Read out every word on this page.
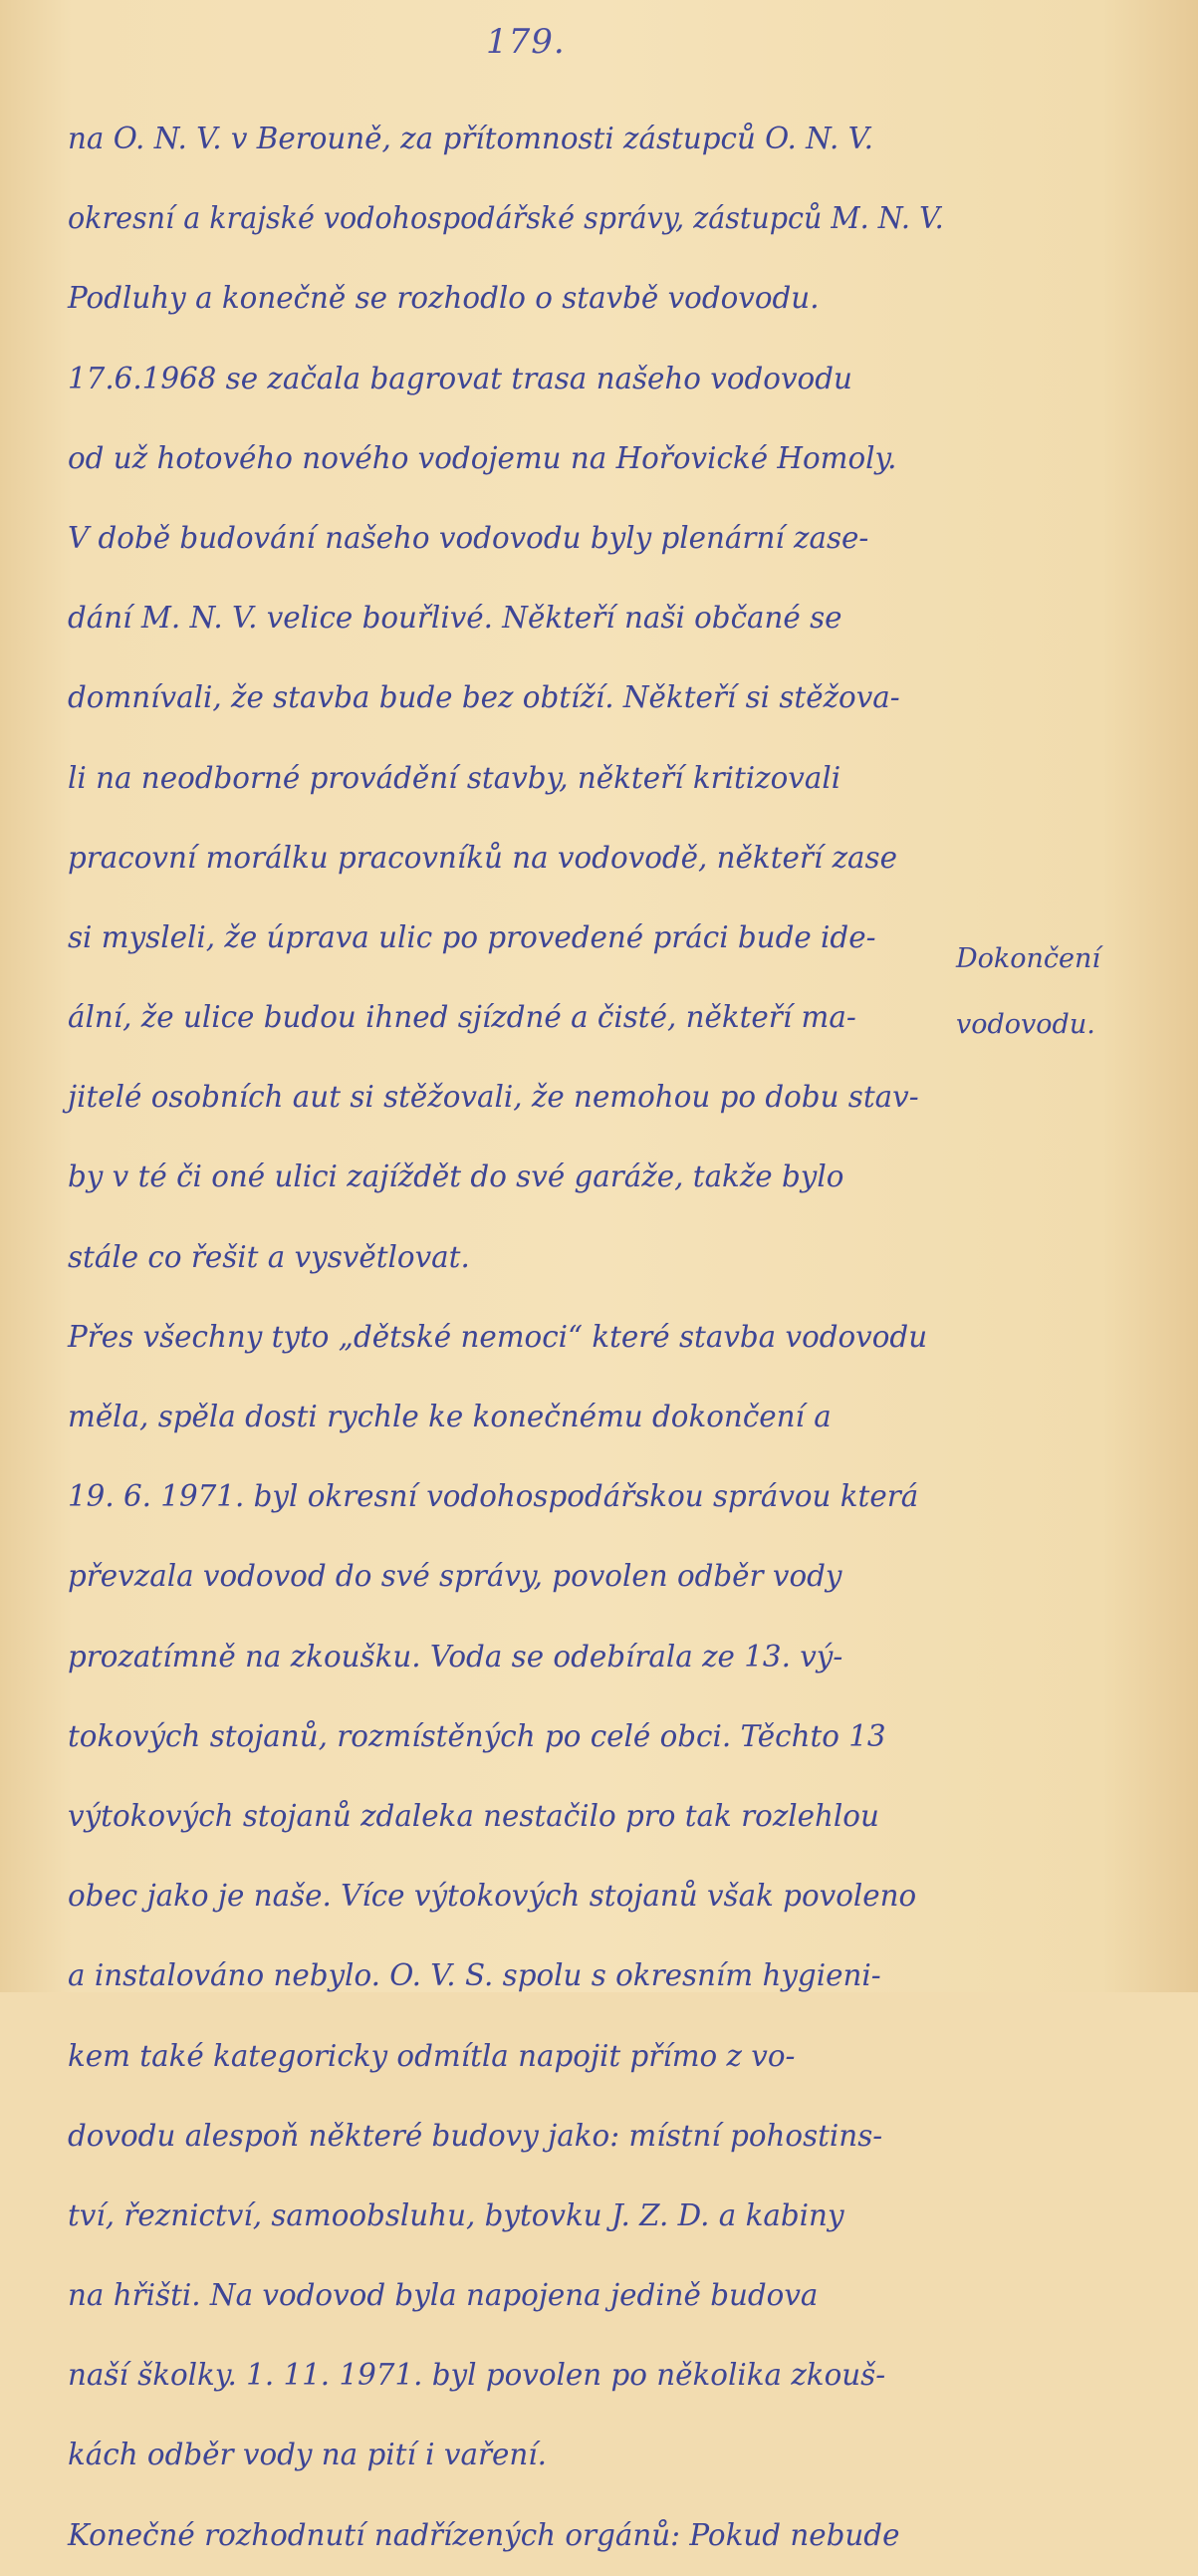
179.
na O. N. V. v Berouně, za přítomnosti zástupců O. N. V.
okresní a krajské vodohospodářské správy, zástupců M. N. V.
Podluhy a konečně se rozhodlo o stavbě vodovodu.
17.6.1968 se začala bagrovat trasa našeho vodovodu
od už hotového nového vodojemu na Hořovické Homoly.
V době budování našeho vodovodu byly plenární zase-
dání M. N. V. velice bouřlivé. Někteří naši občané se
domnívali, že stavba bude bez obtíží. Někteří si stěžova-
li na neodborné provádění stavby, někteří kritizovali
pracovní morálku pracovníků na vodovodě, někteří zase
si mysleli, že úprava ulic po provedené práci bude ide-
ální, že ulice budou ihned sjízdné a čisté, někteří ma-
jitelé osobních aut si stěžovali, že nemohou po dobu stav-
by v té či oné ulici zajíždět do své garáže, takže bylo
stále co řešit a vysvětlovat.
Přes všechny tyto „dětské nemoci“ které stavba vodovodu
měla, spěla dosti rychle ke konečnému dokončení a
19. 6. 1971. byl okresní vodohospodářskou správou která
převzala vodovod do své správy, povolen odběr vody
prozatímně na zkoušku. Voda se odebírala ze 13. vý-
tokových stojanů, rozmístěných po celé obci. Těchto 13
výtokových stojanů zdaleka nestačilo pro tak rozlehlou
obec jako je naše. Více výtokových stojanů však povoleno
a instalováno nebylo. O. V. S. spolu s okresním hygieni-
kem také kategoricky odmítla napojit přímo z vo-
dovodu alespoň některé budovy jako: místní pohostins-
tví, řeznictví, samoobsluhu, bytovku J. Z. D. a kabiny
na hřišti. Na vodovod byla napojena jedině budova
naší školky. 1. 11. 1971. byl povolen po několika zkouš-
kách odběr vody na pití i vaření.
Konečné rozhodnutí nadřízených orgánů: Pokud nebude
Dokončení
vodovodu.
